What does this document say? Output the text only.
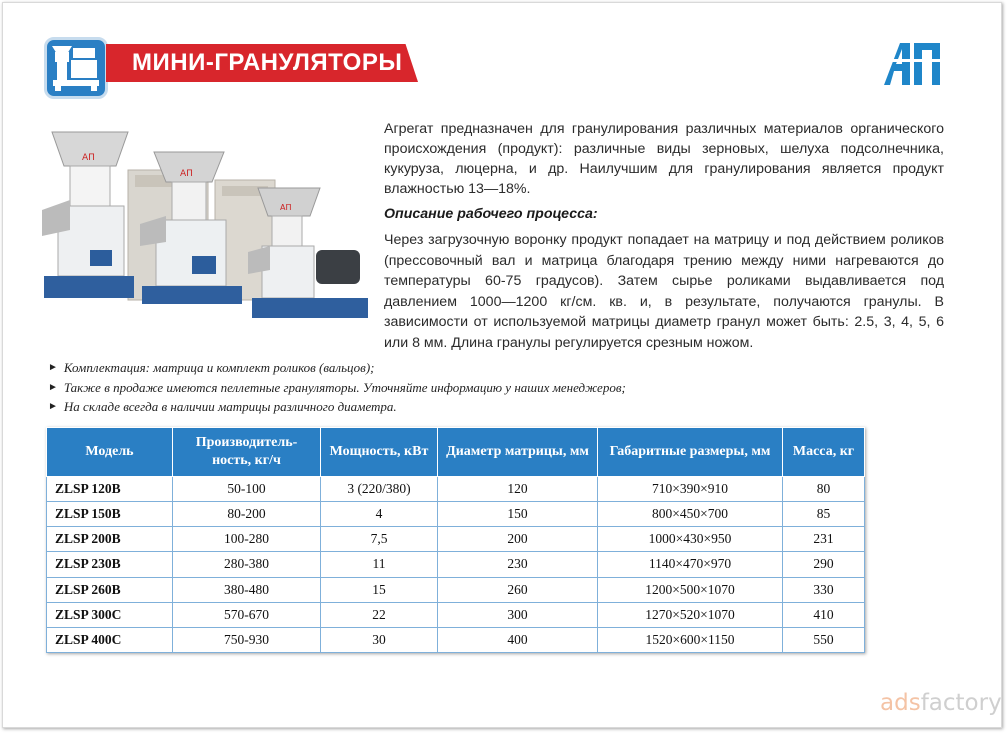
МИНИ-ГРАНУЛЯТОРЫ
АП
АП
АП
Агрегат предназначен для гранулирования различных материалов органического происхождения (продукт): различные виды зерновых, шелуха подсолнечника, кукуруза, люцерна, и др. Наилучшим для гранулирования является продукт влажностью 13—18%.
Описание рабочего процесса:
Через загрузочную воронку продукт попадает на матрицу и под действием роликов (прессовочный вал и матрица благодаря трению между ними нагреваются до температуры 60-75 градусов). Затем сырье роликами выдавливается под давлением 1000—1200 кг/см. кв. и, в результате, получаются гранулы. В зависимости от используемой матрицы диаметр гранул может быть: 2.5, 3, 4, 5, 6 или 8 мм. Длина гранулы регулируется срезным ножом.
► Комплектация: матрица и комплект роликов (вальцов);
► Также в продаже имеются пеллетные грануляторы. Уточняйте информацию у наших менеджеров;
► На складе всегда в наличии матрицы различного диаметра.
Модель	Производитель-ность, кг/ч	Мощность, кВт	Диаметр матрицы, мм	Габаритные размеры, мм	Масса, кг
ZLSP 120B	50-100	3 (220/380)	120	710×390×910	80
ZLSP 150B	80-200	4	150	800×450×700	85
ZLSP 200B	100-280	7,5	200	1000×430×950	231
ZLSP 230B	280-380	11	230	1140×470×970	290
ZLSP 260B	380-480	15	260	1200×500×1070	330
ZLSP 300C	570-670	22	300	1270×520×1070	410
ZLSP 400C	750-930	30	400	1520×600×1150	550
adsfactory
